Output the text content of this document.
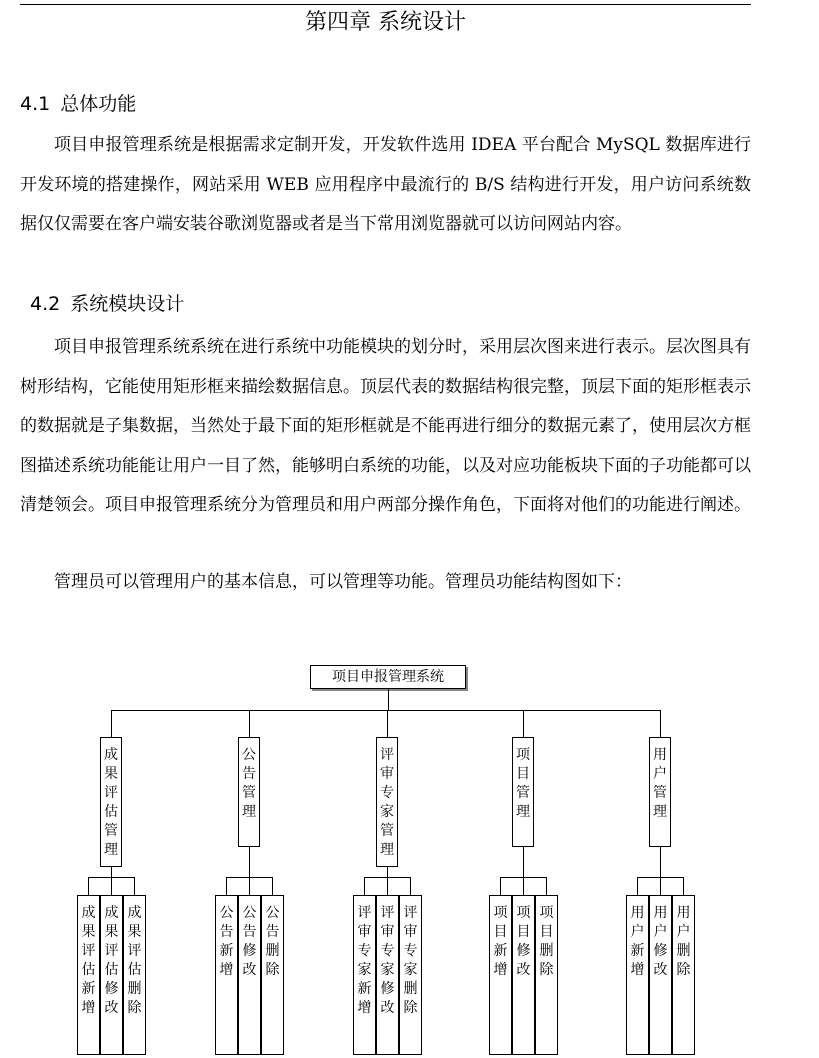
第四章 系统设计
4.1 总体功能

项目申报管理系统是根据需求定制开发，开发软件选用 IDEA 平台配合 MySQL 数据库进行开发环境的搭建操作，网站采用 WEB 应用程序中最流行的 B/S 结构进行开发，用户访问系统数据仅仅需要在客户端安装谷歌浏览器或者是当下常用浏览器就可以访问网站内容。

4.2 系统模块设计

项目申报管理系统系统在进行系统中功能模块的划分时，采用层次图来进行表示。层次图具有树形结构，它能使用矩形框来描绘数据信息。顶层代表的数据结构很完整，顶层下面的矩形框表示的数据就是子集数据，当然处于最下面的矩形框就是不能再进行细分的数据元素了，使用层次方框图描述系统功能能让用户一目了然，能够明白系统的功能，以及对应功能板块下面的子功能都可以清楚领会。项目申报管理系统分为管理员和用户两部分操作角色，下面将对他们的功能进行阐述。

管理员可以管理用户的基本信息，可以管理等功能。管理员功能结构图如下：

项目申报管理系统
成
果
评
估
管
理
成
果
评
估
新
增
成
果
评
估
修
改
成
果
评
估
删
除
公
告
管
理
公
告
新
增
公
告
修
改
公
告
删
除
评
审
专
家
管
理
评
审
专
家
新
增
评
审
专
家
修
改
评
审
专
家
删
除
项
目
管
理
项
目
新
增
项
目
修
改
项
目
删
除
用
户
管
理
用
户
新
增
用
户
修
改
用
户
删
除
